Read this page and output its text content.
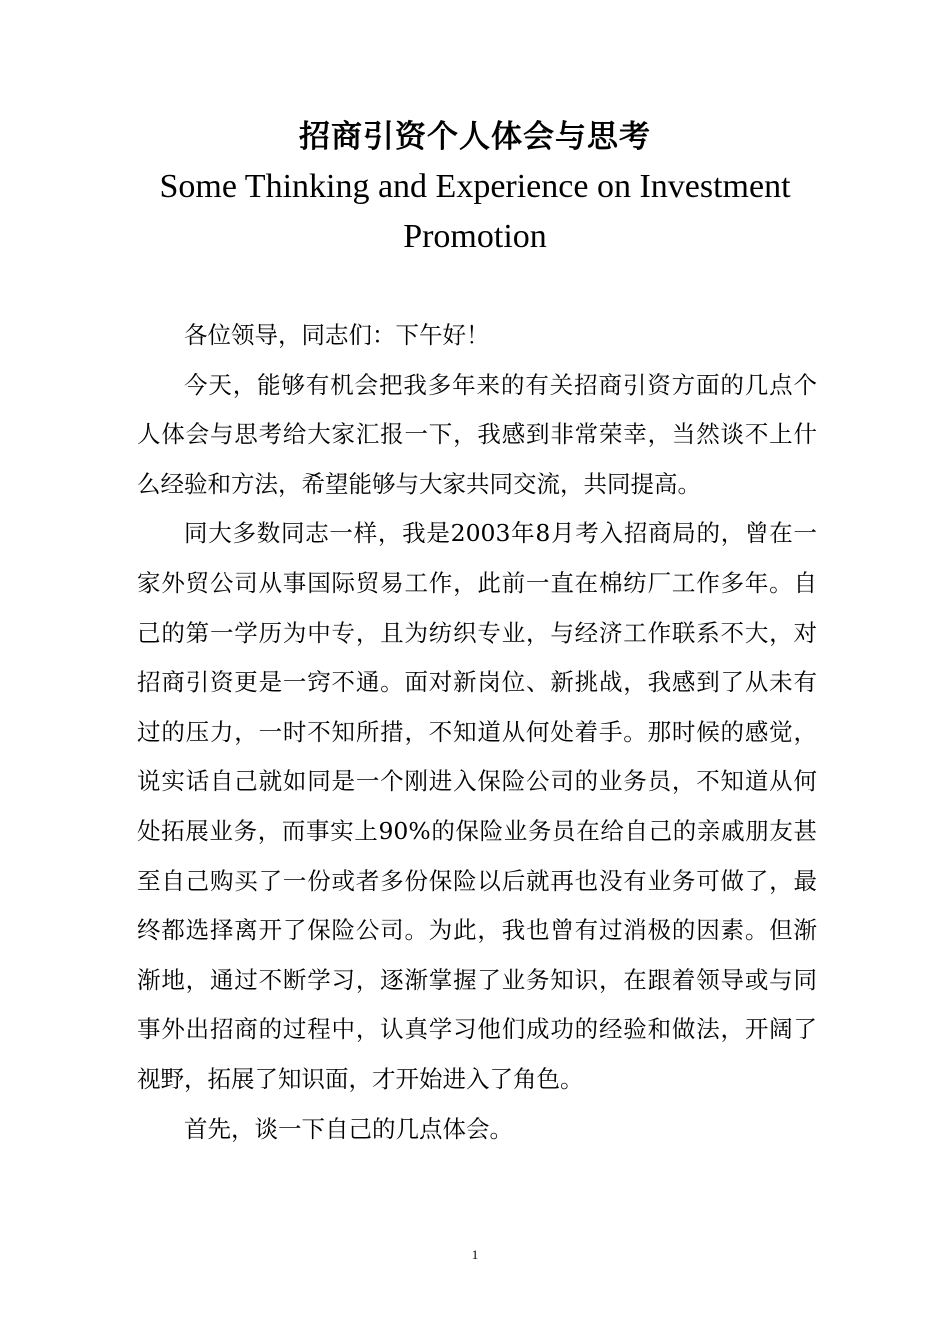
招商引资个人体会与思考
Some Thinking and Experience on Investment Promotion

各位领导，同志们：下午好！

今天，能够有机会把我多年来的有关招商引资方面的几点个人体会与思考给大家汇报一下，我感到非常荣幸，当然谈不上什么经验和方法，希望能够与大家共同交流，共同提高。

同大多数同志一样，我是2003年8月考入招商局的，曾在一家外贸公司从事国际贸易工作，此前一直在棉纺厂工作多年。自己的第一学历为中专，且为纺织专业，与经济工作联系不大，对招商引资更是一窍不通。面对新岗位、新挑战，我感到了从未有过的压力，一时不知所措，不知道从何处着手。那时候的感觉，说实话自己就如同是一个刚进入保险公司的业务员，不知道从何处拓展业务，而事实上90%的保险业务员在给自己的亲戚朋友甚至自己购买了一份或者多份保险以后就再也没有业务可做了，最终都选择离开了保险公司。为此，我也曾有过消极的因素。但渐渐地，通过不断学习，逐渐掌握了业务知识，在跟着领导或与同事外出招商的过程中，认真学习他们成功的经验和做法，开阔了视野，拓展了知识面，才开始进入了角色。

首先，谈一下自己的几点体会。

1
